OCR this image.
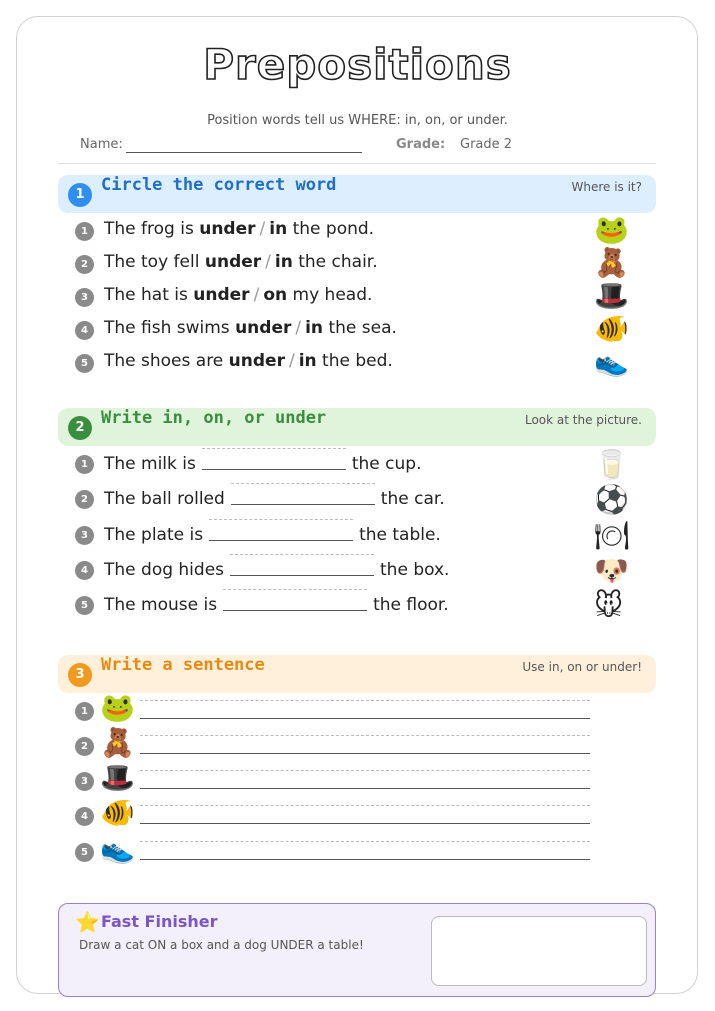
Prepositions
Position words tell us WHERE: in, on, or under.
Name:	Grade: Grade 2
1 Circle the correct word	Where is it?
1 The frog is under / in the pond.	🐸
2 The toy fell under / in the chair.	🧸
3 The hat is under / on my head.	🎩
4 The fish swims under / in the sea.	🐠
5 The shoes are under / in the bed.	👟
2 Write in, on, or under	Look at the picture.
1 The milk is	the cup.	🥛
2 The ball rolled	the car.	⚽
3 The plate is	the table.	🍽
4 The dog hides	the box.	🐶
5 The mouse is	the floor.	🐭
3 Write a sentence	Use in, on or under!
1 🐸
2 🧸
3 🎩
4 🐠
5 👟
⭐ Fast Finisher
Draw a cat ON a box and a dog UNDER a table!
